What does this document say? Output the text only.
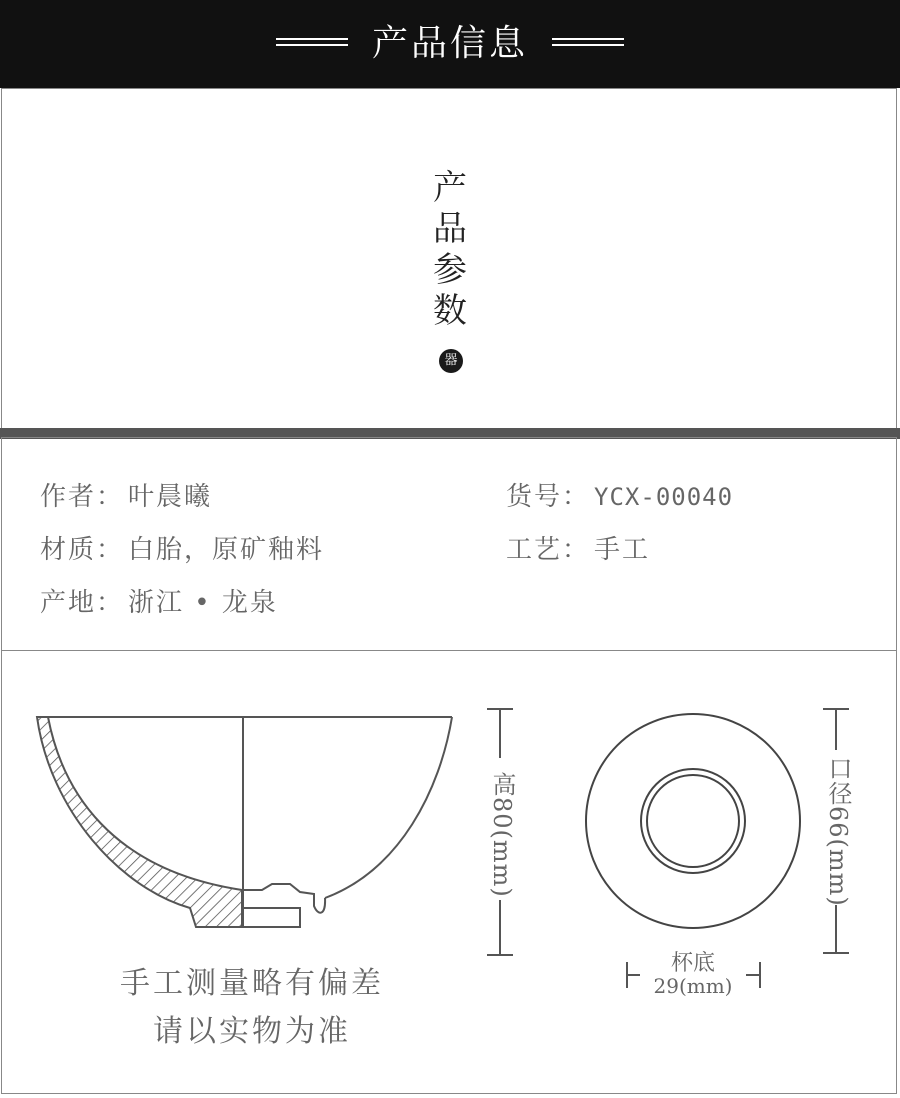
产品信息
产
品
参
数
器
作者： 叶晨曦	货号： YCX-00040
材质： 白胎，原矿釉料	工艺： 手工
产地： 浙江 • 龙泉
高80(mm)	口径66(mm)
杯底
29(mm)
手工测量略有偏差
请以实物为准
